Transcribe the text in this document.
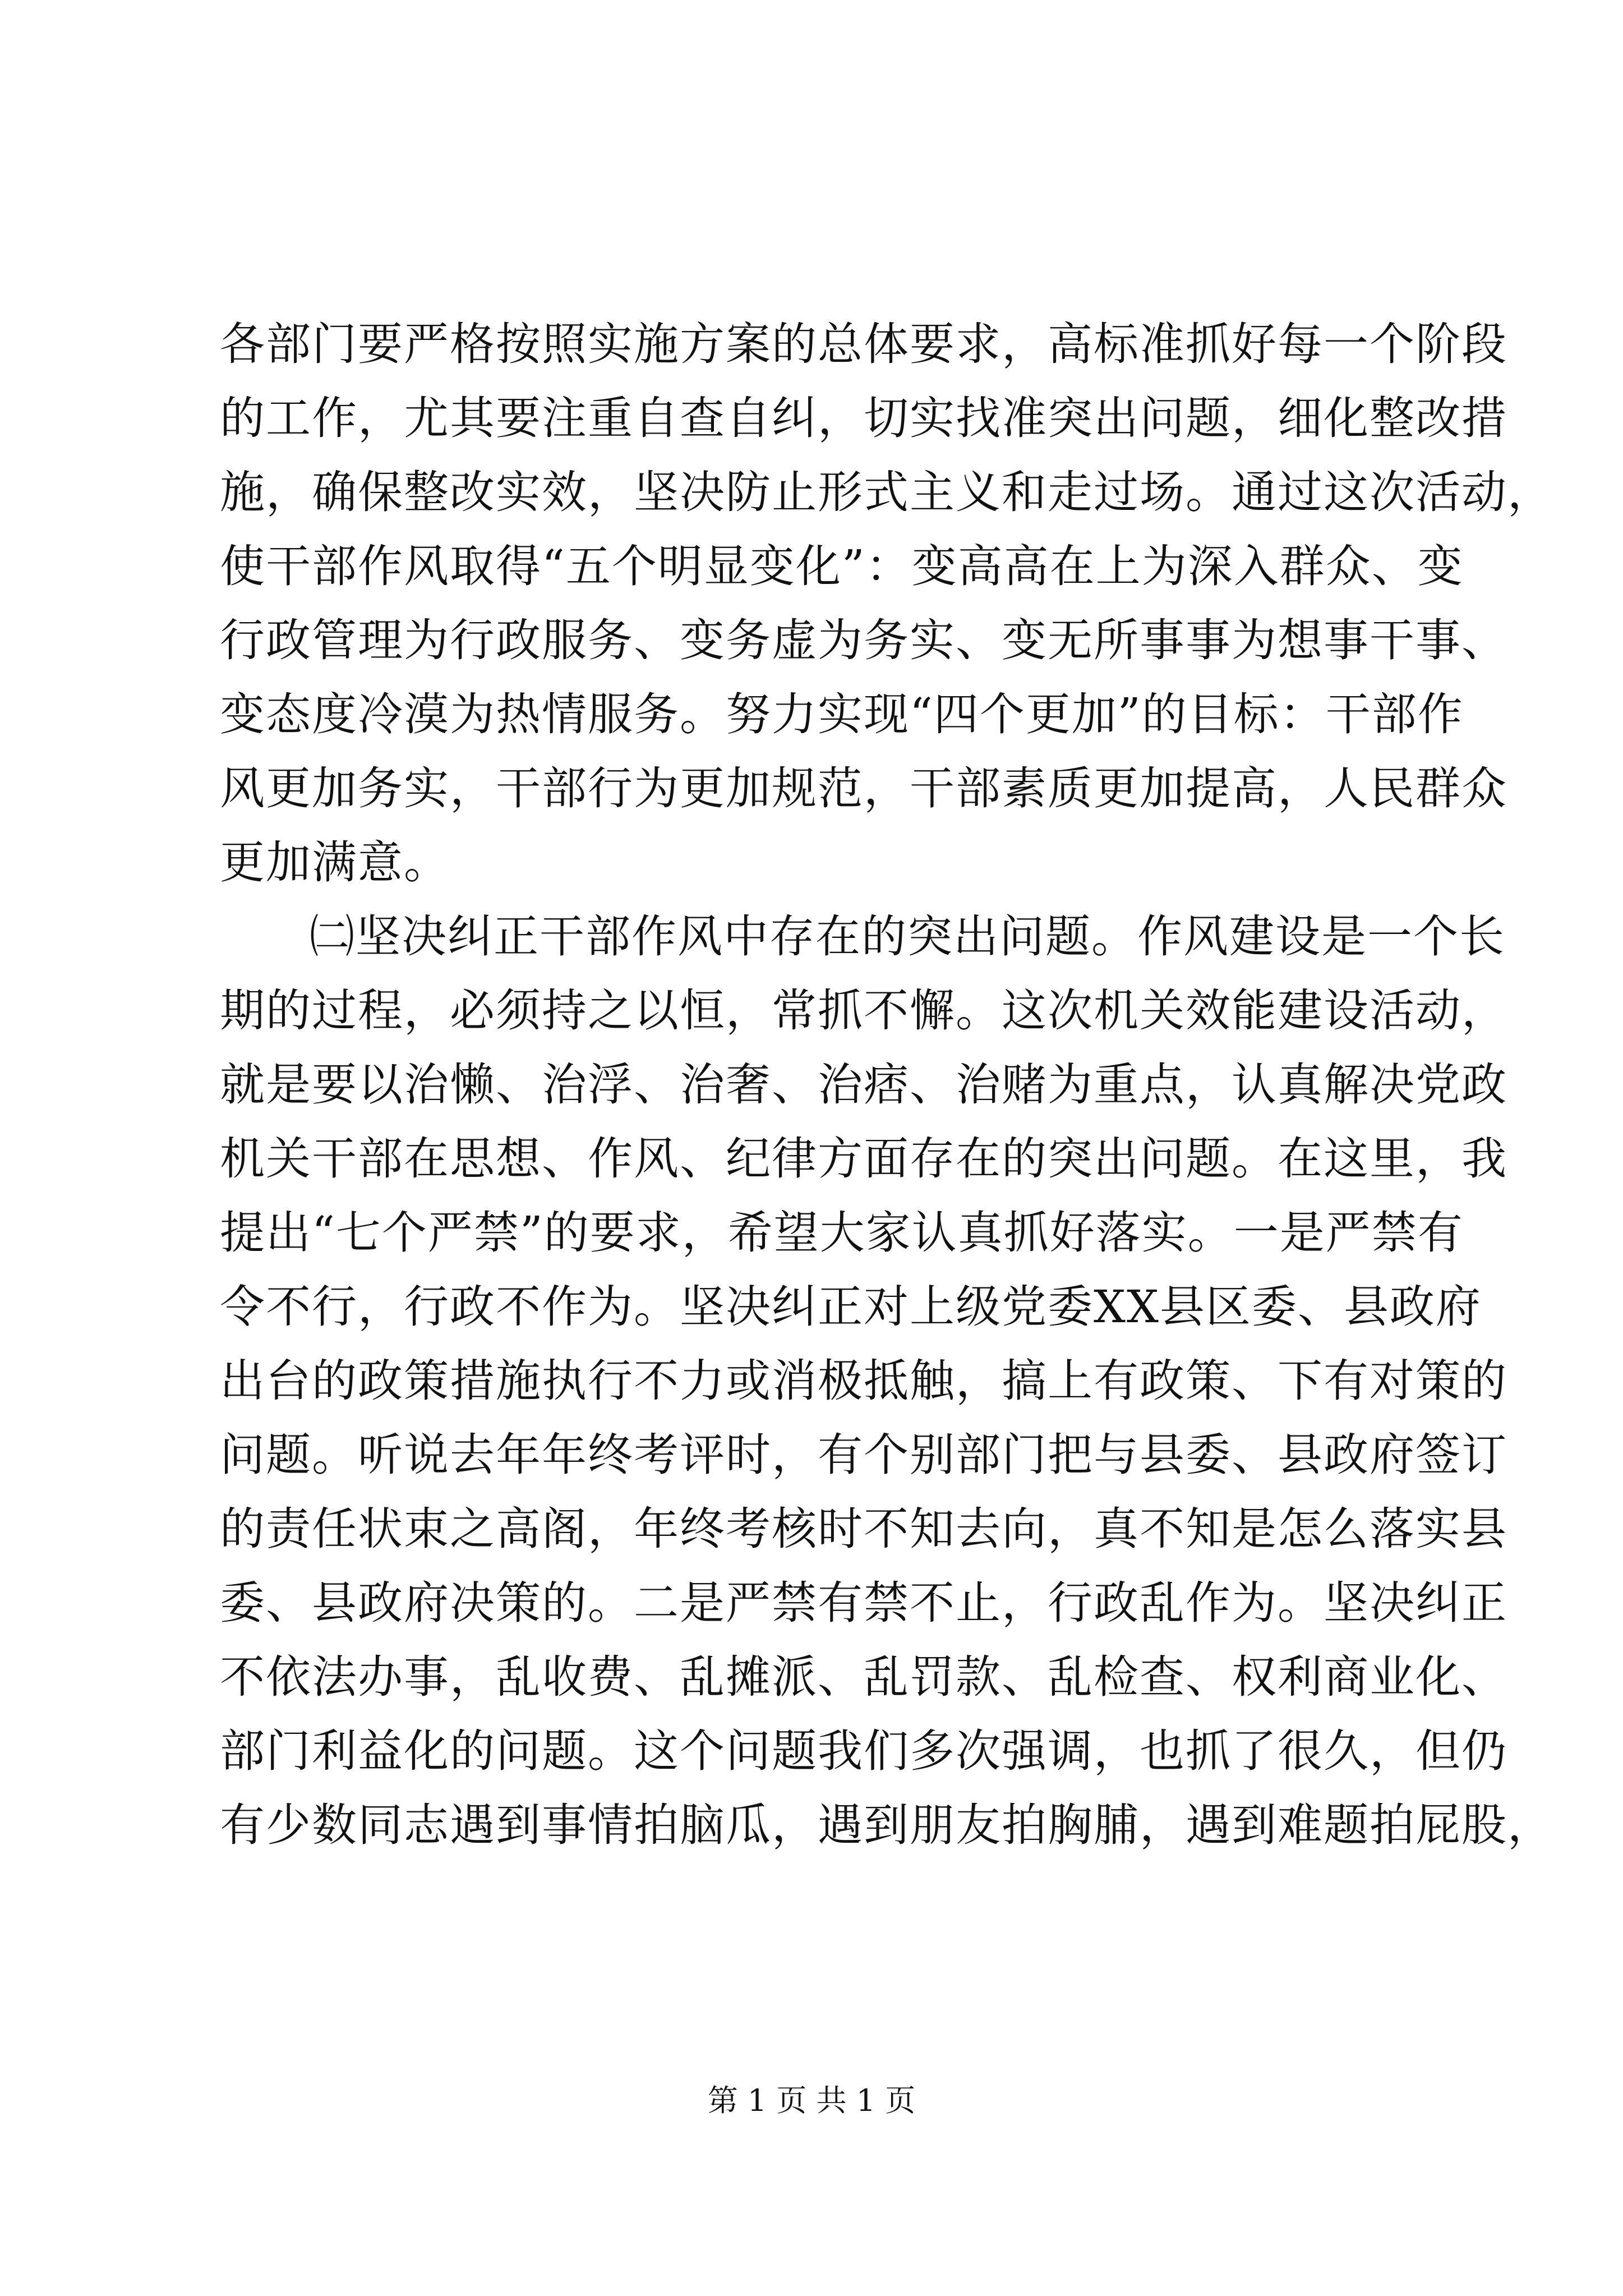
各部门要严格按照实施方案的总体要求，高标准抓好每一个阶段
的工作，尤其要注重自查自纠，切实找准突出问题，细化整改措
施，确保整改实效，坚决防止形式主义和走过场。通过这次活动，
使干部作风取得“五个明显变化”：变高高在上为深入群众、变
行政管理为行政服务、变务虚为务实、变无所事事为想事干事、
变态度冷漠为热情服务。努力实现“四个更加”的目标：干部作
风更加务实，干部行为更加规范，干部素质更加提高，人民群众
更加满意。
㈡坚决纠正干部作风中存在的突出问题。作风建设是一个长
期的过程，必须持之以恒，常抓不懈。这次机关效能建设活动，
就是要以治懒、治浮、治奢、治痞、治赌为重点，认真解决党政
机关干部在思想、作风、纪律方面存在的突出问题。在这里，我
提出“七个严禁”的要求，希望大家认真抓好落实。一是严禁有
令不行，行政不作为。坚决纠正对上级党委XX县区委、县政府
出台的政策措施执行不力或消极抵触，搞上有政策、下有对策的
问题。听说去年年终考评时，有个别部门把与县委、县政府签订
的责任状束之高阁，年终考核时不知去向，真不知是怎么落实县
委、县政府决策的。二是严禁有禁不止，行政乱作为。坚决纠正
不依法办事，乱收费、乱摊派、乱罚款、乱检查、权利商业化、
部门利益化的问题。这个问题我们多次强调，也抓了很久，但仍
有少数同志遇到事情拍脑瓜，遇到朋友拍胸脯，遇到难题拍屁股，
第 1 页 共 1 页
